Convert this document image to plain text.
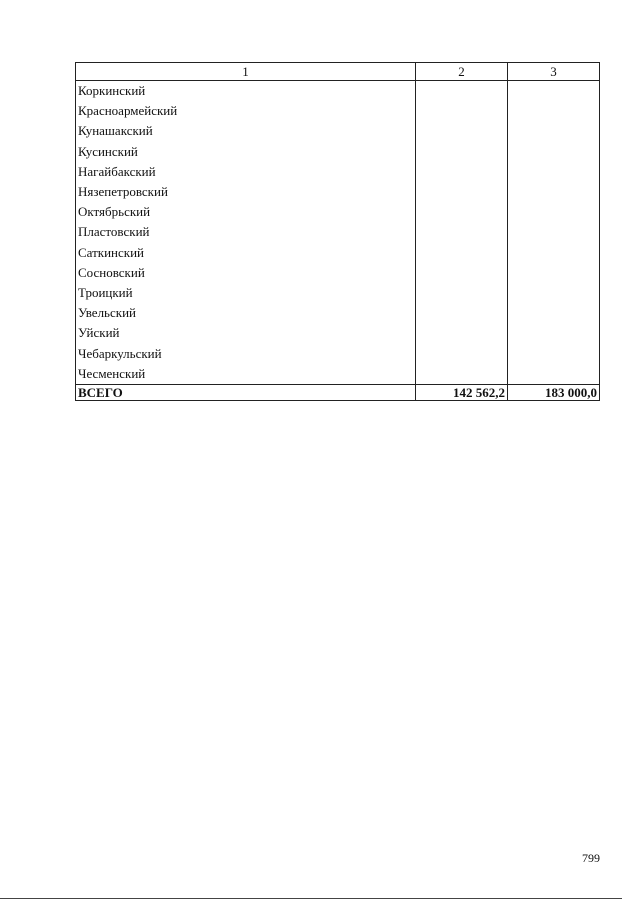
1	2	3
Коркинский		
Красноармейский		
Кунашакский		
Кусинский		
Нагайбакский		
Нязепетровский		
Октябрьский		
Пластовский		
Саткинский		
Сосновский		
Троицкий		
Увельский		
Уйский		
Чебаркульский		
Чесменский		
ВСЕГО	142 562,2	183 000,0
799
